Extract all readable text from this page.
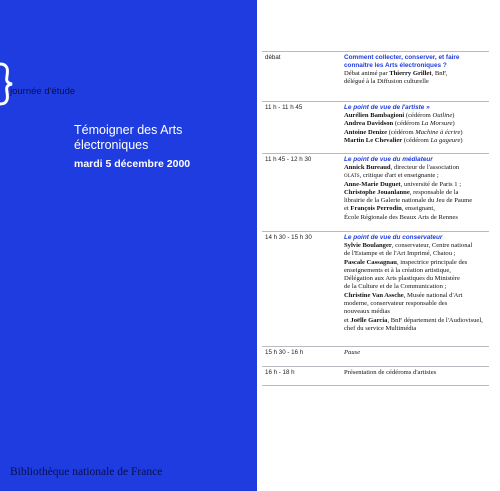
journée d'étude
Témoigner des Arts
électroniques
mardi 5 décembre 2000
Bibliothèque nationale de France
débat	Comment collecter, conserver, et faire
connaître les Arts électroniques ?
Débat animé par Thierry Grillet, BnF,
délégué à la Diffusion culturelle
11 h - 11 h 45	Le point de vue de l'artiste »
Aurélien Bambagioni (cédérom Outline)
Andrea Davidson (cédérom La Morsure)
Antoine Denize (cédérom Machine à écrire)
Martin Le Chevalier (cédérom La gageure)
11 h 45 - 12 h 30	Le point de vue du médiateur
Annick Bureaud, directeur de l'association
olats, critique d'art et enseignante ;
Anne-Marie Duguet, université de Paris 1 ;
Christophe Jouanlanne, responsable de la
librairie de la Galerie nationale du Jeu de Paume
et François Perrodin, enseignant,
École Régionale des Beaux Arts de Rennes
14 h 30 - 15 h 30	Le point de vue du conservateur
Sylvie Boulanger, conservateur, Centre national
de l'Estampe et de l'Art Imprimé, Chatou ;
Pascale Cassagnau, inspectrice principale des
enseignements et à la création artistique,
Délégation aux Arts plastiques du Ministère
de la Culture et de la Communication ;
Christine Van Assche, Musée national d'Art
moderne, conservateur responsable des
nouveaux médias
et Joëlle Garcia, BnF département de l'Audiovisuel,
chef du service Multimédia
15 h 30 - 16 h	Pause
16 h - 18 h	Présentation de cédéroms d'artistes
